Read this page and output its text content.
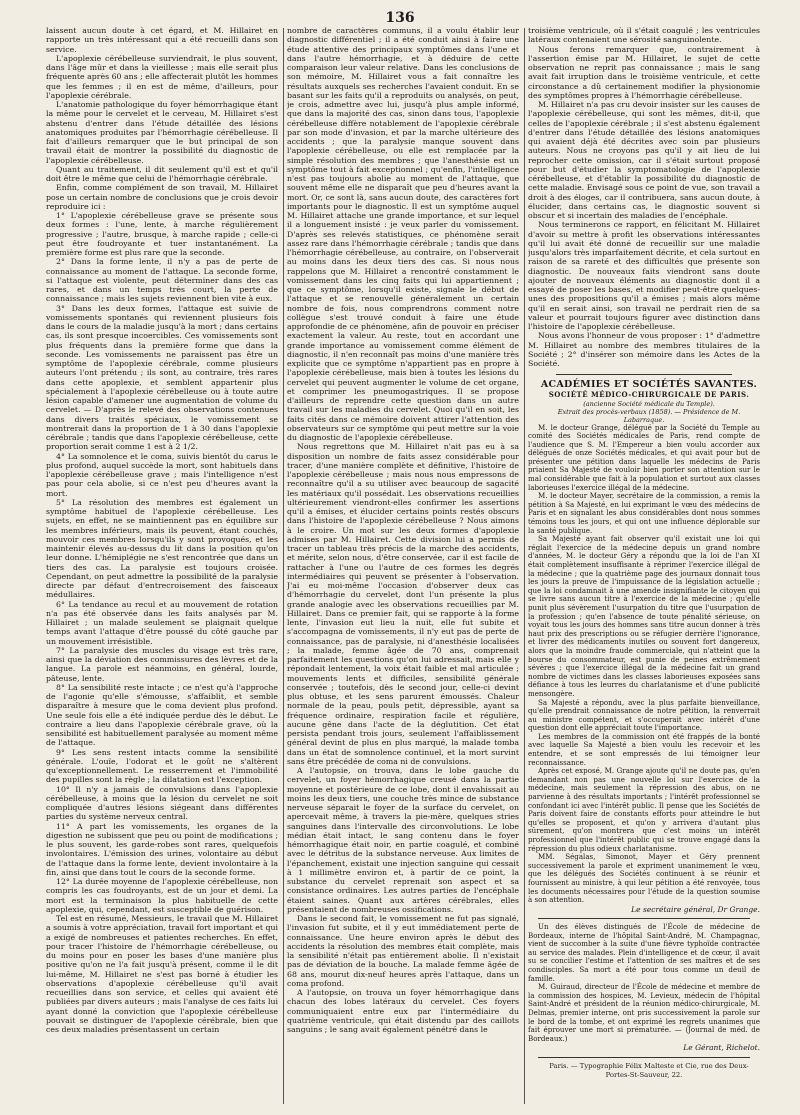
136

laissent aucun doute à cet égard, et M. Hillairet en rapporte un très intéressant qui a été recueilli dans son service.

L'apoplexie cérébelleuse surviendrait, le plus souvent, dans l'âge mûr et dans la vieillesse ; mais elle serait plus fréquente après 60 ans ; elle affecterait plutôt les hommes que les femmes ; il en est de même, d'ailleurs, pour l'apoplexie cérébrale.

L'anatomie pathologique du foyer hémorrhagique étant la même pour le cervelet et le cerveau, M. Hillairet s'est abstenu d'entrer dans l'étude détaillée des lésions anatomiques produites par l'hémorrhagie cérébelleuse. Il fait d'ailleurs remarquer que le but principal de son travail était de montrer la possibilité du diagnostic de l'apoplexie cérébelleuse.

Quant au traitement, il dit seulement qu'il est et qu'il doit être le même que celui de l'hémorrhagie cérébrale.

Enfin, comme complément de son travail, M. Hillairet pose un certain nombre de conclusions que je crois devoir reproduire ici :

1° L'apoplexie cérébelleuse grave se présente sous deux formes : l'une, lente, à marche régulièrement progressive ; l'autre, brusque, à marche rapide ; celle-ci peut être foudroyante et tuer instantanément. La première forme est plus rare que la seconde.

2° Dans la forme lente, il n'y a pas de perte de connaissance au moment de l'attaque. La seconde forme, si l'attaque est violente, peut déterminer dans des cas rares, et dans un temps très court, la perte de connaissance ; mais les sujets reviennent bien vite à eux.

3° Dans les deux formes, l'attaque est suivie de vomissements spontanés qui reviennent plusieurs fois dans le cours de la maladie jusqu'à la mort ; dans certains cas, ils sont presque incoercibles. Ces vomissements sont plus fréquents dans la première forme que dans la seconde. Les vomissements ne paraissent pas être un symptôme de l'apoplexie cérébrale, comme plusieurs auteurs l'ont prétendu ; ils sont, au contraire, très rares dans cette apoplexie, et semblent appartenir plus spécialement à l'apoplexie cérébelleuse ou à toute autre lésion capable d'amener une augmentation de volume du cervelet. — D'après le relevé des observations contenues dans divers traités spéciaux, le vomissement se montrerait dans la proportion de 1 à 30 dans l'apoplexie cérébrale ; tandis que dans l'apoplexie cérébelleuse, cette proportion serait comme 1 est à 2 1/2.

4° La somnolence et le coma, suivis bientôt du carus le plus profond, auquel succède la mort, sont habituels dans l'apoplexie cérébelleuse grave ; mais l'intelligence n'est pas pour cela abolie, si ce n'est peu d'heures avant la mort.

5° La résolution des membres est également un symptôme habituel de l'apoplexie cérébelleuse. Les sujets, en effet, ne se maintiennent pas en équilibre sur les membres inférieurs, mais ils peuvent, étant couchés, mouvoir ces membres lorsqu'ils y sont provoqués, et les maintenir élevés au-dessus du lit dans la position qu'on leur donne. L'hémiplégie ne s'est rencontrée que dans un tiers des cas. La paralysie est toujours croisée. Cependant, on peut admettre la possibilité de la paralysie directe par défaut d'entrecroisement des faisceaux médullaires.

6° La tendance au recul et au mouvement de rotation n'a pas été observée dans les faits analysés par M. Hillairet ; un malade seulement se plaignait quelque temps avant l'attaque d'être poussé du côté gauche par un mouvement irrésistible.

7° La paralysie des muscles du visage est très rare, ainsi que la déviation des commissures des lèvres et de la langue. La parole est néanmoins, en général, lourde, pâteuse, lente.

8° La sensibilité reste intacte ; ce n'est qu'à l'approche de l'agonie qu'elle s'émousse, s'affaiblit, et semble disparaître à mesure que le coma devient plus profond. Une seule fois elle a été indiquée perdue dès le début. Le contraire a lieu dans l'apoplexie cérébrale grave, où la sensibilité est habituellement paralysée au moment même de l'attaque.

9° Les sens restent intacts comme la sensibilité générale. L'ouïe, l'odorat et le goût ne s'altèrent qu'exceptionnellement. Le resserrement et l'immobilité des pupilles sont la règle ; la dilatation est l'exception.

10° Il n'y a jamais de convulsions dans l'apoplexie cérébelleuse, à moins que la lésion du cervelet ne soit compliquée d'autres lésions siégeant dans différentes parties du système nerveux central.

11° A part les vomissements, les organes de la digestion ne subissent que peu ou point de modifications ; le plus souvent, les garde-robes sont rares, quelquefois involontaires. L'émission des urines, volontaire au début de l'attaque dans la forme lente, devient involontaire à la fin, ainsi que dans tout le cours de la seconde forme.

12° La durée moyenne de l'apoplexie cérébelleuse, non compris les cas foudroyants, est de un jour et demi. La mort est la terminaison la plus habituelle de cette apoplexie, qui, cependant, est susceptible de guérison.

Tel est en résumé, Messieurs, le travail que M. Hillairet a soumis à votre appréciation, travail fort important et qui a exigé de nombreuses et patientes recherches. En effet, pour tracer l'histoire de l'hémorrhagie cérébelleuse, ou du moins pour en poser les bases d'une manière plus positive qu'on ne l'a fait jusqu'à présent, comme il le dit lui-même, M. Hillairet ne s'est pas borné à étudier les observations d'apoplexie cérébelleuse qu'il avait recueillies dans son service, et celles qui avaient été publiées par divers auteurs ; mais l'analyse de ces faits lui ayant donné la conviction que l'apoplexie cérébelleuse pouvait se distinguer de l'apoplexie cérébrale, bien que ces deux maladies présentassent un certain

nombre de caractères communs, il a voulu établir leur diagnostic différentiel ; il a été conduit ainsi à faire une étude attentive des principaux symptômes dans l'une et dans l'autre hémorrhagie, et à déduire de cette comparaison leur valeur relative. Dans les conclusions de son mémoire, M. Hillairet vous a fait connaître les résultats auxquels ses recherches l'avaient conduit. En se basant sur les faits qu'il a reproduits ou analysés, on peut, je crois, admettre avec lui, jusqu'à plus ample informé, que dans la majorité des cas, sinon dans tous, l'apoplexie cérébelleuse diffère notablement de l'apoplexie cérébrale par son mode d'invasion, et par la marche ultérieure des accidents ; que la paralysie manque souvent dans l'apoplexie cérébelleuse, ou elle est remplacée par la simple résolution des membres ; que l'anesthésie est un symptôme tout à fait exceptionnel ; qu'enfin, l'intelligence n'est pas toujours abolie au moment de l'attaque, que souvent même elle ne disparaît que peu d'heures avant la mort. Or, ce sont là, sans aucun doute, des caractères fort importants pour le diagnostic. Il est un symptôme auquel M. Hillairet attache une grande importance, et sur lequel il a longuement insisté : je veux parler du vomissement. D'après ses relevés statistiques, ce phénomène serait assez rare dans l'hémorrhagie cérébrale ; tandis que dans l'hémorrhagie cérébelleuse, au contraire, on l'observerait au moins dans les deux tiers des cas. Si nous nous rappelons que M. Hillairet a rencontré constamment le vomissement dans les cinq faits qui lui appartiennent ; que ce symptôme, lorsqu'il existe, signale le début de l'attaque et se renouvelle généralement un certain nombre de fois, nous comprendrons comment notre collègue s'est trouvé conduit à faire une étude approfondie de ce phénomène, afin de pouvoir en préciser exactement la valeur. Au reste, tout en accordant une grande importance au vomissement comme élément de diagnostic, il n'en reconnaît pas moins d'une manière très explicite que ce symptôme n'appartient pas en propre à l'apoplexie cérébelleuse, mais bien à toutes les lésions du cervelet qui peuvent augmenter le volume de cet organe, et comprimer les pneumogastriques. Il se propose d'ailleurs de reprendre cette question dans un autre travail sur les maladies du cervelet. Quoi qu'il en soit, les faits cités dans ce mémoire doivent attirer l'attention des observateurs sur ce symptôme qui peut mettre sur la voie du diagnostic de l'apoplexie cérébelleuse.

Nous regrettons que M. Hillairet n'ait pas eu à sa disposition un nombre de faits assez considérable pour tracer, d'une manière complète et définitive, l'histoire de l'apoplexie cérébelleuse ; mais nous nous empressons de reconnaître qu'il a su utiliser avec beaucoup de sagacité les matériaux qu'il possédait. Les observations recueillies ultérieurement viendront-elles confirmer les assertions qu'il a émises, et élucider certains points restés obscurs dans l'histoire de l'apoplexie cérébelleuse ? Nous aimons à le croire. Un mot sur les deux formes d'apoplexie admises par M. Hillairet. Cette division lui a permis de tracer un tableau très précis de la marche des accidents, et mérite, selon nous, d'être conservée, car il est facile de rattacher à l'une ou l'autre de ces formes les degrés intermédiaires qui peuvent se présenter à l'observation. J'ai eu moi-même l'occasion d'observer deux cas d'hémorrhagie du cervelet, dont l'un présente la plus grande analogie avec les observations recueillies par M. Hillairet. Dans ce premier fait, qui se rapporte à la forme lente, l'invasion eut lieu la nuit, elle fut subite et s'accompagna de vomissements, il n'y eut pas de perte de connaissance, pas de paralysie, ni d'anesthésie localisées ; la malade, femme âgée de 70 ans, comprenait parfaitement les questions qu'on lui adressait, mais elle y répondait lentement, la voix était faible et mal articulée ; mouvements lents et difficiles, sensibilité générale conservée ; toutefois, dès le second jour, celle-ci devint plus obtuse, et les sens parurent émoussés. Chaleur normale de la peau, pouls petit, dépressible, ayant sa fréquence ordinaire, respiration facile et régulière, aucune gêne dans l'acte de la déglutition. Cet état persista pendant trois jours, seulement l'affaiblissement général devint de plus en plus marqué, la malade tomba dans un état de somnolence continuel, et la mort survint sans être précédée de coma ni de convulsions.

A l'autopsie, on trouva, dans le lobe gauche du cervelet, un foyer hémorrhagique creusé dans la partie moyenne et postérieure de ce lobe, dont il envahissait au moins les deux tiers, une couche très mince de substance nerveuse séparait le foyer de la surface du cervelet, on apercevait même, à travers la pie-mère, quelques stries sanguines dans l'intervalle des circonvolutions. Le lobe médian était intact, le sang contenu dans le foyer hémorrhagique était noir, en partie coagulé, et combiné avec le détritus de la substance nerveuse. Aux limites de l'épanchement, existait une injection sanguine qui cessait à 1 millimètre environ et, à partir de ce point, la substance du cervelet reprenait son aspect et sa consistance ordinaires. Les autres parties de l'encéphale étaient saines. Quant aux artères cérébrales, elles présentaient de nombreuses ossifications.

Dans le second fait, le vomissement ne fut pas signalé, l'invasion fut subite, et il y eut immédiatement perte de connaissance. Une heure environ après le début des accidents la résolution des membres était complète, mais la sensibilité n'était pas entièrement abolie. Il n'existait pas de déviation de la bouche. La malade femme âgée de 68 ans, mourut dix-neuf heures après l'attaque, dans un coma profond.

A l'autopsie, on trouva un foyer hémorrhagique dans chacun des lobes latéraux du cervelet. Ces foyers communiquaient entre eux par l'intermédiaire du quatrième ventricule, qui était distendu par des caillots sanguins ; le sang avait également pénétré dans le

troisième ventricule, où il s'était coagulé ; les ventricules latéraux contenaient une sérosité sanguinolente.

Nous ferons remarquer que, contrairement à l'assertion émise par M. Hillairet, le sujet de cette observation ne reprit pas connaissance ; mais le sang avait fait irruption dans le troisième ventricule, et cette circonstance a dû certainement modifier la physionomie des symptômes propres à l'hémorrhagie cérébelleuse.

M. Hillairet n'a pas cru devoir insister sur les causes de l'apoplexie cérébelleuse, qui sont les mêmes, dit-il, que celles de l'apoplexie cérébrale ; il s'est abstenu également d'entrer dans l'étude détaillée des lésions anatomiques qui avaient déjà été décrites avec soin par plusieurs auteurs. Nous ne croyons pas qu'il y ait lieu de lui reprocher cette omission, car il s'était surtout proposé pour but d'étudier la symptomatologie de l'apoplexie cérébelleuse, et d'établir la possibilité du diagnostic de cette maladie. Envisagé sous ce point de vue, son travail a droit à des éloges, car il contribuera, sans aucun doute, à élucider, dans certains cas, le diagnostic souvent si obscur et si incertain des maladies de l'encéphale.

Nous terminerons ce rapport, en félicitant M. Hillairet d'avoir su mettre à profit les observations intéressantes qu'il lui avait été donné de recueillir sur une maladie jusqu'alors très imparfaitement décrite, et cela surtout en raison de sa rareté et des difficultés que présente son diagnostic. De nouveaux faits viendront sans doute ajouter de nouveaux éléments au diagnostic dont il a essayé de poser les bases, et modifier peut-être quelques-unes des propositions qu'il a émises ; mais alors même qu'il en serait ainsi, son travail ne perdrait rien de sa valeur et pourrait toujours figurer avec distinction dans l'histoire de l'apoplexie cérébelleuse.

Nous avons l'honneur de vous proposer : 1° d'admettre M. Hillairet au nombre des membres titulaires de la Société ; 2° d'insérer son mémoire dans les Actes de la Société.

ACADÉMIES ET SOCIÉTÉS SAVANTES.

SOCIÉTÉ MÉDICO-CHIRURGICALE DE PARIS.

(ancienne Société médicale du Temple).

Extrait des procès-verbaux (1858). — Présidence de M. Labarraque.

M. le docteur Grange, délégué par la Société du Temple au comité des Sociétés médicales de Paris, rend compte de l'audience que S. M. l'Empereur a bien voulu accorder aux délégués de onze Sociétés médicales, et qui avait pour but de présenter une pétition dans laquelle les médecins de Paris priaient Sa Majesté de vouloir bien porter son attention sur le mal considérable que fait à la population et surtout aux classes laborieuses l'exercice illégal de la médecine.

M. le docteur Mayer, secrétaire de la commission, a remis la pétition à Sa Majesté, en lui exprimant le vœu des médecins de Paris et en signalant les abus considérables dont nous sommes témoins tous les jours, et qui ont une influence déplorable sur la santé publique.

Sa Majesté ayant fait observer qu'il existait une loi qui réglait l'exercice de la médecine depuis un grand nombre d'années, M. le docteur Géry a répondu que la loi de l'an XI était complètement insuffisante à réprimer l'exercice illégal de la médecine ; que la quatrième page des journaux donnait tous les jours la preuve de l'impuissance de la législation actuelle ; que la loi condamnait à une amende insignifiante le citoyen qui se livre sans aucun titre à l'exercice de la médecine ; qu'elle punit plus sévèrement l'usurpation du titre que l'usurpation de la profession ; qu'en l'absence de toute pénalité sérieuse, on voyait tous les jours des hommes sans titre aucun donner à très haut prix des prescriptions ou se réfugier derrière l'ignorance, et livrer des médicaments inutiles ou souvent fort dangereux, alors que la moindre fraude commerciale, qui n'atteint que la bourse du consommateur, est punie de peines extrêmement sévères ; que l'exercice illégal de la médecine fait un grand nombre de victimes dans les classes laborieuses exposées sans défiance à tous les leurres du charlatanisme et d'une publicité mensongère.

Sa Majesté a répondu, avec la plus parfaite bienveillance, qu'elle prendrait connaissance de notre pétition, la renverrait au ministre compétent, et s'occuperait avec intérêt d'une question dont elle appréciait toute l'importance.

Les membres de la commission ont été frappés de la bonté avec laquelle Sa Majesté a bien voulu les recevoir et les entendre, et se sont empressés de lui témoigner leur reconnaissance.

Après cet exposé, M. Grange ajoute qu'il ne doute pas, qu'en demandant non pas une nouvelle loi sur l'exercice de la médecine, mais seulement la répression des abus, on ne parvienne à des résultats importants ; l'intérêt professionnel se confondant ici avec l'intérêt public. Il pense que les Sociétés de Paris doivent faire de constants efforts pour atteindre le but qu'elles se proposent, et qu'on y arrivera d'autant plus sûrement, qu'on montrera que c'est moins un intérêt professionnel que l'intérêt public qui se trouve engagé dans la répression du plus odieux charlatanisme.

MM. Ségalas, Simonot, Mayer et Géry prennent successivement la parole et expriment unanimement le vœu, que les délégués des Sociétés continuent à se réunir et fournissent au ministre, à qui leur pétition a été renvoyée, tous les documents nécessaires pour l'étude de la question soumise à son attention.

Le secrétaire général, Dr Grange.

Un des élèves distingués de l'École de médecine de Bordeaux, interne de l'hôpital Saint-André, M. Champagnac, vient de succomber à la suite d'une fièvre typhoïde contractée au service des malades. Plein d'intelligence et de cœur, il avait su se concilier l'estime et l'attention de ses maîtres et de ses condisciples. Sa mort a été pour tous comme un deuil de famille.

M. Guiraud, directeur de l'École de médecine et membre de la commission des hospices, M. Levieux, médecin de l'hôpital Saint-André et président de la réunion médico-chirurgicale, M. Delmas, premier interne, ont pris successivement la parole sur le bord de la tombe, et ont exprimé les regrets unanimes que fait éprouver une mort si prématurée. — (Journal de méd. de Bordeaux.)

Le Gérant, Richelot.

Paris. — Typographie Félix Malteste et Cie, rue des Deux-Portes-St-Sauveur, 22.
